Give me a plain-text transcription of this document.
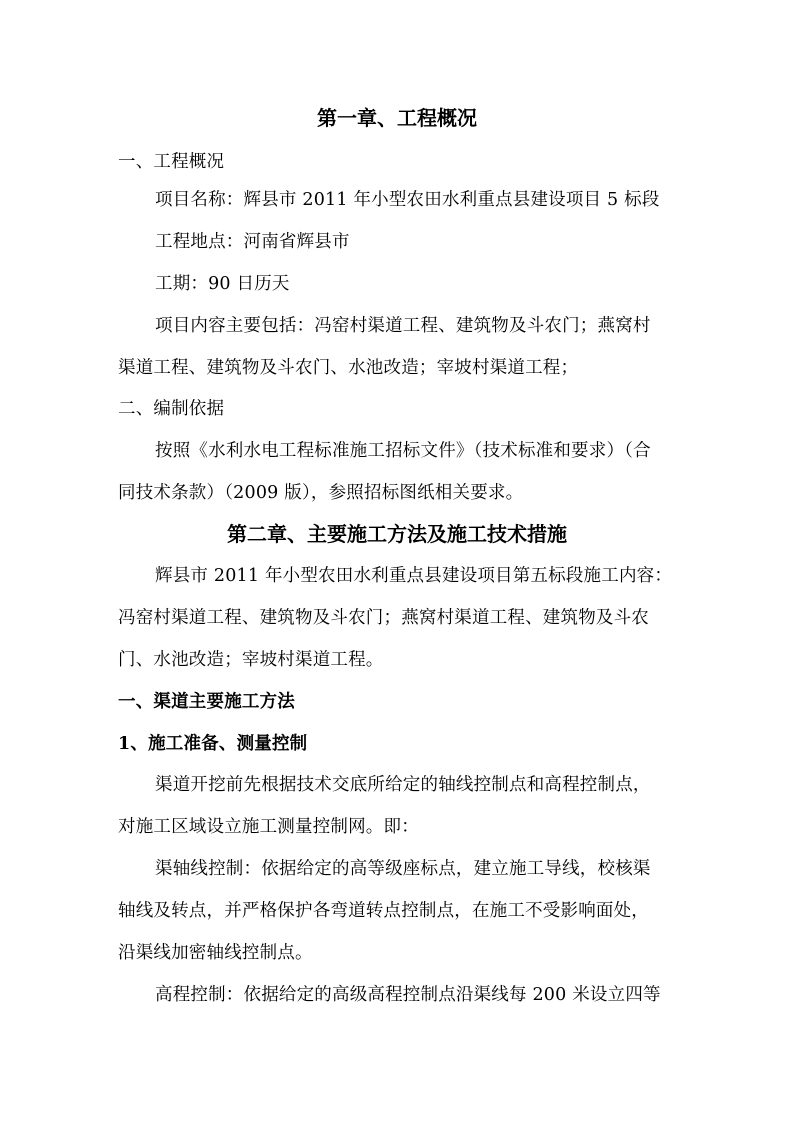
第一章、工程概况
一、工程概况
项目名称：辉县市 2011 年小型农田水利重点县建设项目 5 标段
工程地点：河南省辉县市
工期：90 日历天
项目内容主要包括：冯窑村渠道工程、建筑物及斗农门；燕窝村
渠道工程、建筑物及斗农门、水池改造；宰坡村渠道工程；
二、编制依据
按照《水利水电工程标准施工招标文件》（技术标准和要求）（合
同技术条款）（2009 版），参照招标图纸相关要求。
第二章、主要施工方法及施工技术措施
辉县市 2011 年小型农田水利重点县建设项目第五标段施工内容：
冯窑村渠道工程、建筑物及斗农门；燕窝村渠道工程、建筑物及斗农
门、水池改造；宰坡村渠道工程。
一、渠道主要施工方法
1、施工准备、测量控制
渠道开挖前先根据技术交底所给定的轴线控制点和高程控制点，
对施工区域设立施工测量控制网。即：
渠轴线控制：依据给定的高等级座标点，建立施工导线，校核渠
轴线及转点，并严格保护各弯道转点控制点，在施工不受影响面处，
沿渠线加密轴线控制点。
高程控制：依据给定的高级高程控制点沿渠线每 200 米设立四等
